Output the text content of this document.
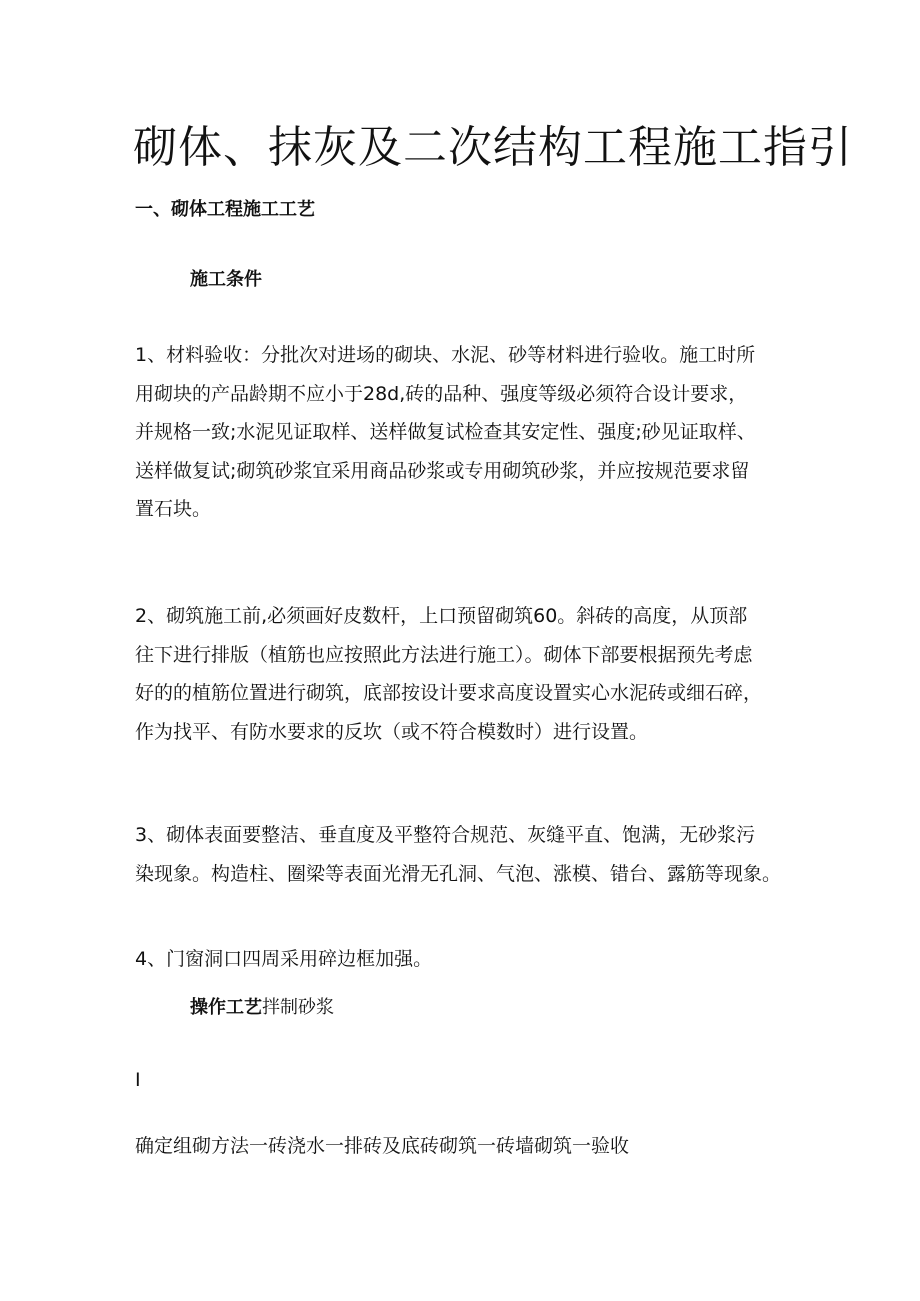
砌体、抹灰及二次结构工程施工指引
一、砌体工程施工工艺
施工条件
1、材料验收：分批次对进场的砌块、水泥、砂等材料进行验收。施工时所
用砌块的产品龄期不应小于28d,砖的品种、强度等级必须符合设计要求，
并规格一致;水泥见证取样、送样做复试检查其安定性、强度;砂见证取样、
送样做复试;砌筑砂浆宜采用商品砂浆或专用砌筑砂浆，并应按规范要求留
置石块。
2、砌筑施工前,必须画好皮数杆，上口预留砌筑60。斜砖的高度，从顶部
往下进行排版（植筋也应按照此方法进行施工）。砌体下部要根据预先考虑
好的的植筋位置进行砌筑，底部按设计要求高度设置实心水泥砖或细石碎，
作为找平、有防水要求的反坎（或不符合模数时）进行设置。
3、砌体表面要整洁、垂直度及平整符合规范、灰缝平直、饱满，无砂浆污
染现象。构造柱、圈梁等表面光滑无孔洞、气泡、涨模、错台、露筋等现象。
4、门窗洞口四周采用碎边框加强。
操作工艺拌制砂浆
I
确定组砌方法一砖浇水一排砖及底砖砌筑一砖墙砌筑一验收
